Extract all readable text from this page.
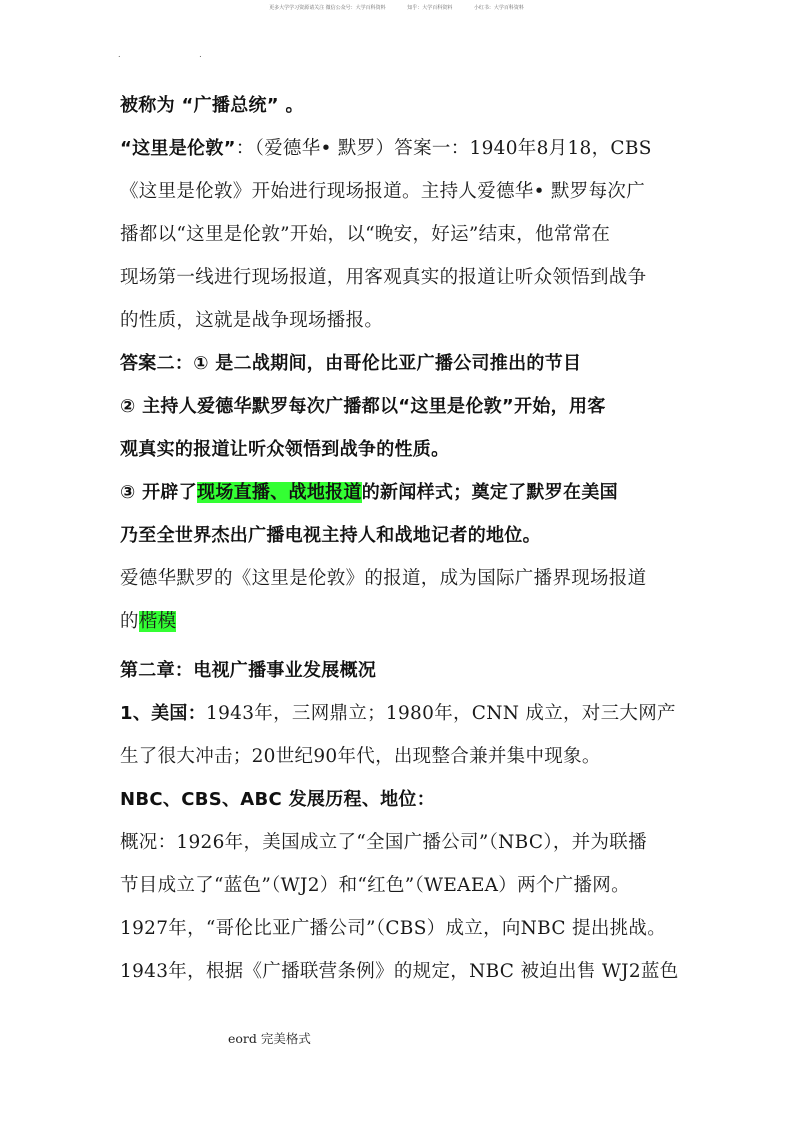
更多大学学习资源请关注 微信公众号：大学百科资料	知乎：大学百科资料	小红书：大学百科资料
.	.
被称为 “广播总统” 。
“这里是伦敦”：（爱德华• 默罗）答案一：1940年8月18，CBS
《这里是伦敦》开始进行现场报道。主持人爱德华• 默罗每次广
播都以“这里是伦敦”开始，以“晚安，好运”结束，他常常在
现场第一线进行现场报道，用客观真实的报道让听众领悟到战争
的性质，这就是战争现场播报。
答案二：① 是二战期间，由哥伦比亚广播公司推出的节目
② 主持人爱德华默罗每次广播都以“这里是伦敦”开始，用客
观真实的报道让听众领悟到战争的性质。
③ 开辟了现场直播、战地报道的新闻样式；奠定了默罗在美国
乃至全世界杰出广播电视主持人和战地记者的地位。
爱德华默罗的《这里是伦敦》的报道，成为国际广播界现场报道
的楷模
第二章：电视广播事业发展概况
1、美国：1943年，三网鼎立；1980年，CNN 成立，对三大网产
生了很大冲击；20世纪90年代，出现整合兼并集中现象。
NBC、CBS、ABC 发展历程、地位：
概况：1926年，美国成立了“全国广播公司”（NBC），并为联播
节目成立了“蓝色”（WJ2）和“红色”（WEAEA）两个广播网。
1927年，“哥伦比亚广播公司”（CBS）成立，向NBC 提出挑战。
1943年，根据《广播联营条例》的规定，NBC 被迫出售 WJ2蓝色
eord 完美格式
